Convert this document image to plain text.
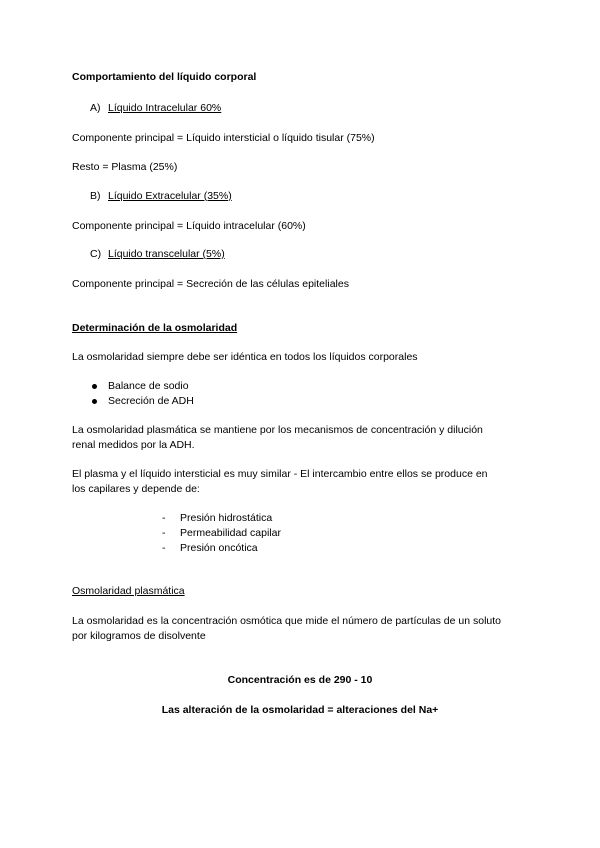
Comportamiento del líquido corporal
A) Líquido Intracelular 60%
Componente principal = Líquido intersticial o líquido tisular (75%)
Resto = Plasma (25%)
B) Líquido Extracelular (35%)
Componente principal = Líquido intracelular (60%)
C) Líquido transcelular (5%)
Componente principal = Secreción de las células epiteliales
Determinación de la osmolaridad
La osmolaridad siempre debe ser idéntica en todos los líquidos corporales
Balance de sodio
Secreción de ADH
La osmolaridad plasmática se mantiene por los mecanismos de concentración y dilución
renal medidos por la ADH.
El plasma y el líquido intersticial es muy similar - El intercambio entre ellos se produce en
los capilares y depende de:
- Presión hidrostática
- Permeabilidad capilar
- Presión oncótica
Osmolaridad plasmática
La osmolaridad es la concentración osmótica que mide el número de partículas de un soluto
por kilogramos de disolvente
Concentración es de 290 - 10
Las alteración de la osmolaridad = alteraciones del Na+
